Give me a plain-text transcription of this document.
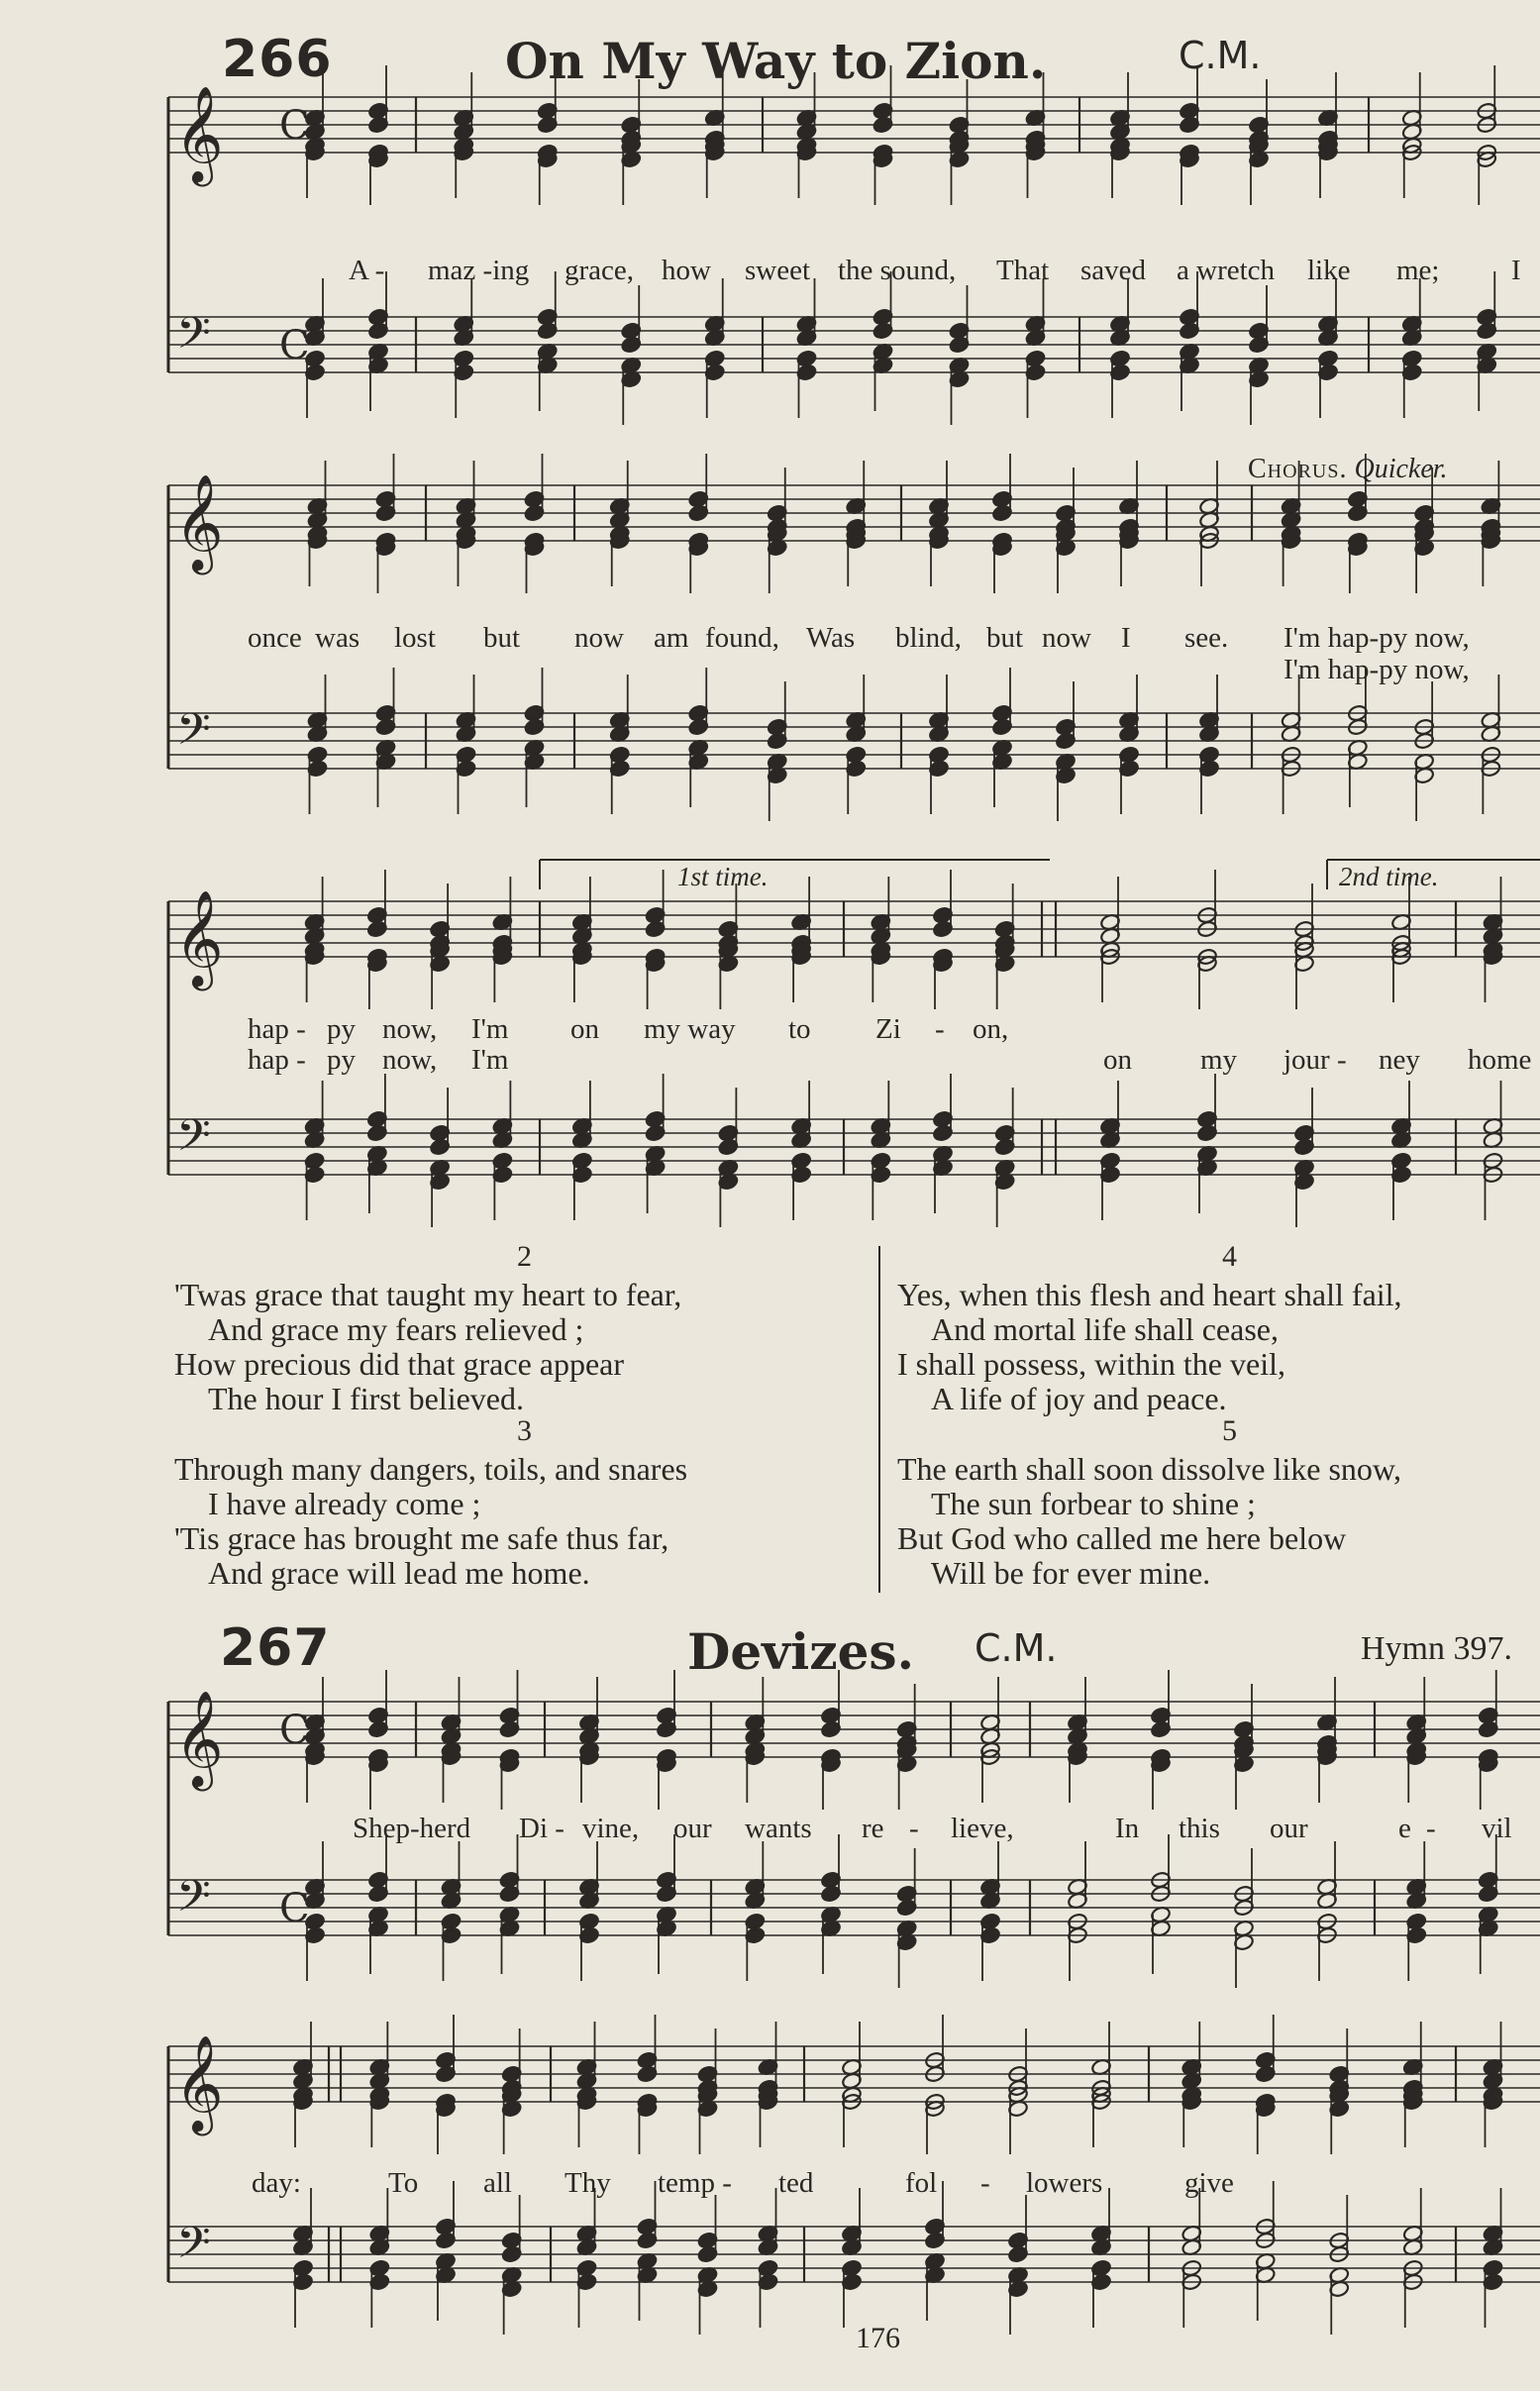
𝄞
𝄢
𝄞
𝄢
𝄞
𝄢
𝄞
𝄢
𝄞
𝄢
C
C
C
C
266	On My Way to Zion.	C.M.
A - maz -ing grace, how sweet the sound, That saved a wretch like me;	I
Chorus. Quicker.
once was lost but now am found, Was blind, but now I see. I'm hap-py now,
I'm hap-py now,
1st time.	2nd time.
hap - py now, I'm on my way to Zi - on,
hap - py now, I'm	on my jour - ney home
2
'Twas grace that taught my heart to fear,
And grace my fears relieved ;
How precious did that grace appear
The hour I first believed.
3
Through many dangers, toils, and snares
I have already come ;
'Tis grace has brought me safe thus far,
And grace will lead me home.
4
Yes, when this flesh and heart shall fail,
And mortal life shall cease,
I shall possess, within the veil,
A life of joy and peace.
5
The earth shall soon dissolve like snow,
The sun forbear to shine ;
But God who called me here below
Will be for ever mine.
267	Devizes. C.M.	Hymn 397.
Shep-herd Di - vine, our wants re - lieve,	In this our	e - vil
day:	To all Thy temp - ted	fol - lowers	give
176
